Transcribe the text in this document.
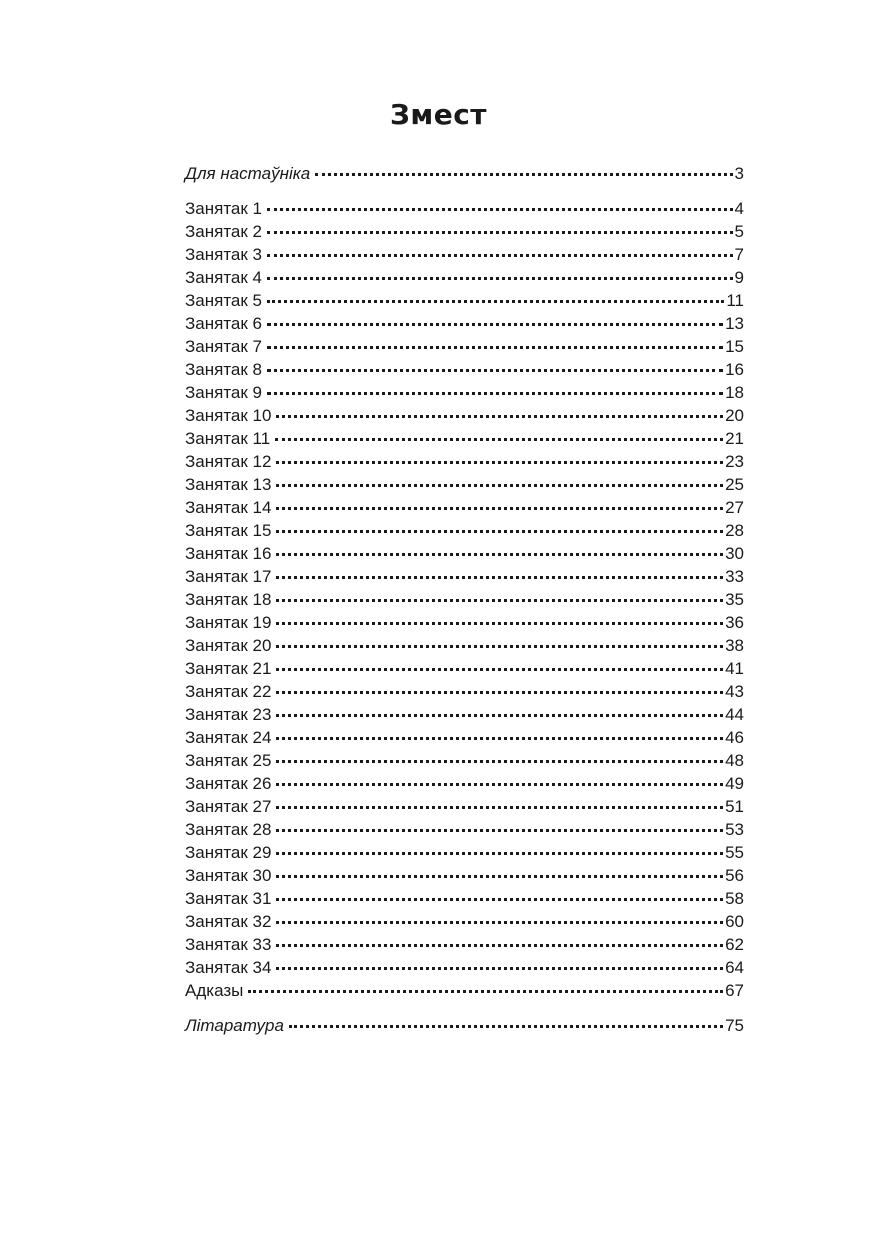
Змест
Для настаўніка	3
Занятак 1	4
Занятак 2	5
Занятак 3	7
Занятак 4	9
Занятак 5	11
Занятак 6	13
Занятак 7	15
Занятак 8	16
Занятак 9	18
Занятак 10	20
Занятак 11	21
Занятак 12	23
Занятак 13	25
Занятак 14	27
Занятак 15	28
Занятак 16	30
Занятак 17	33
Занятак 18	35
Занятак 19	36
Занятак 20	38
Занятак 21	41
Занятак 22	43
Занятак 23	44
Занятак 24	46
Занятак 25	48
Занятак 26	49
Занятак 27	51
Занятак 28	53
Занятак 29	55
Занятак 30	56
Занятак 31	58
Занятак 32	60
Занятак 33	62
Занятак 34	64
Адказы	67
Літаратура	75
